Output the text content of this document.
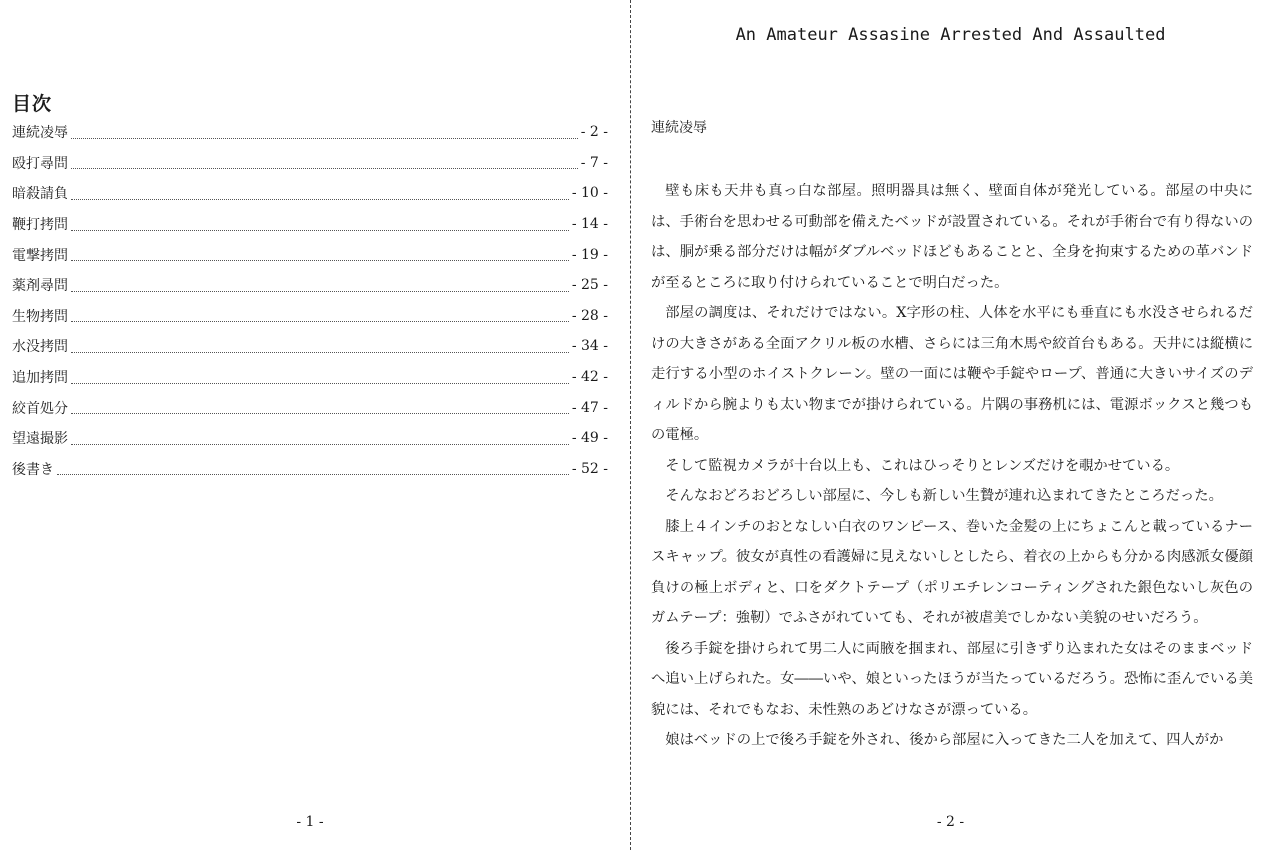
目次
連続凌辱	- 2 -
殴打尋問	- 7 -
暗殺請負	- 10 -
鞭打拷問	- 14 -
電撃拷問	- 19 -
薬剤尋問	- 25 -
生物拷問	- 28 -
水没拷問	- 34 -
追加拷問	- 42 -
絞首処分	- 47 -
望遠撮影	- 49 -
後書き	- 52 -
- 1 -
An Amateur Assasine Arrested And Assaulted
連続凌辱

壁も床も天井も真っ白な部屋。照明器具は無く、壁面自体が発光している。部屋の中央には、手術台を思わせる可動部を備えたベッドが設置されている。それが手術台で有り得ないのは、胴が乗る部分だけは幅がダブルベッドほどもあることと、全身を拘束するための革バンドが至るところに取り付けられていることで明白だった。

部屋の調度は、それだけではない。X字形の柱、人体を水平にも垂直にも水没させられるだけの大きさがある全面アクリル板の水槽、さらには三角木馬や絞首台もある。天井には縦横に走行する小型のホイストクレーン。壁の一面には鞭や手錠やロープ、普通に大きいサイズのディルドから腕よりも太い物までが掛けられている。片隅の事務机には、電源ボックスと幾つもの電極。

そして監視カメラが十台以上も、これはひっそりとレンズだけを覗かせている。

そんなおどろおどろしい部屋に、今しも新しい生贄が連れ込まれてきたところだった。

膝上４インチのおとなしい白衣のワンピース、巻いた金髪の上にちょこんと載っているナースキャップ。彼女が真性の看護婦に見えないしとしたら、着衣の上からも分かる肉感派女優顔負けの極上ボディと、口をダクトテープ（ポリエチレンコーティングされた銀色ないし灰色のガムテープ：強靭）でふさがれていても、それが被虐美でしかない美貌のせいだろう。

後ろ手錠を掛けられて男二人に両腋を掴まれ、部屋に引きずり込まれた女はそのままベッドへ追い上げられた。女――いや、娘といったほうが当たっているだろう。恐怖に歪んでいる美貌には、それでもなお、未性熟のあどけなさが漂っている。

娘はベッドの上で後ろ手錠を外され、後から部屋に入ってきた二人を加えて、四人がか

- 2 -
